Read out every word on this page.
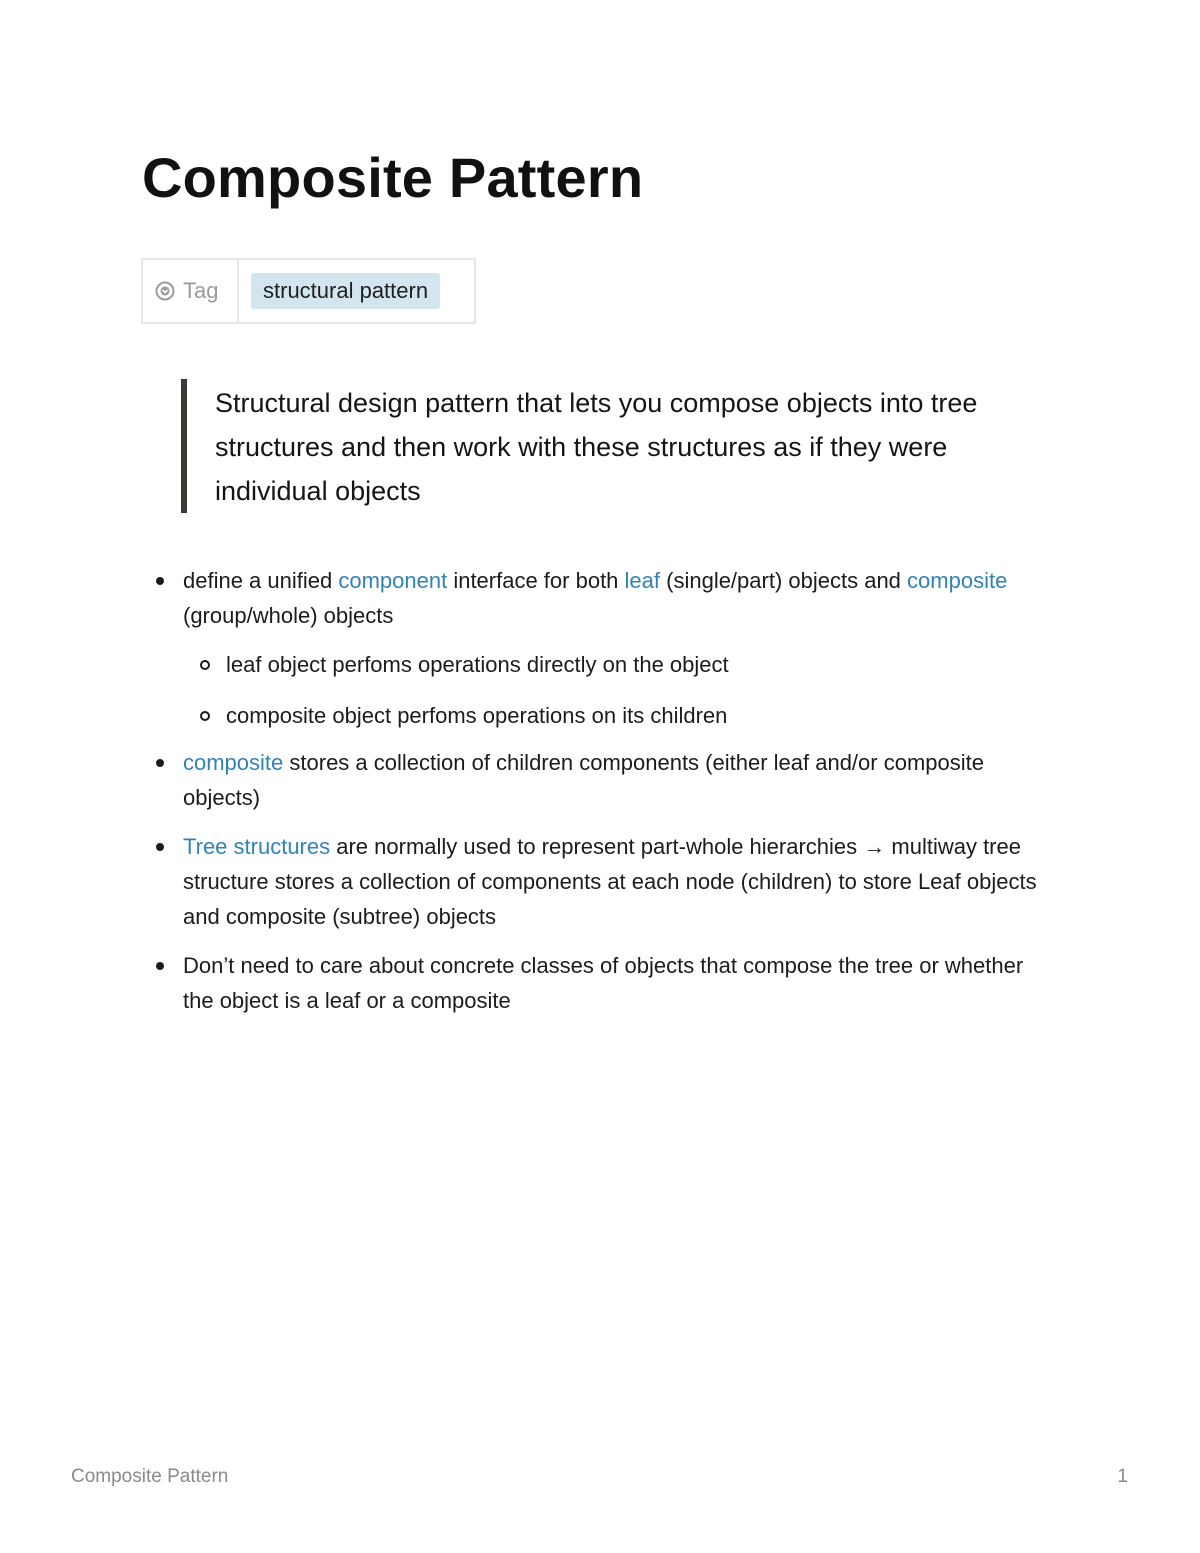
Composite Pattern
Tag	structural pattern

Structural design pattern that lets you compose objects into tree structures and then work with these structures as if they were individual objects

define a unified component interface for both leaf (single/part) objects and composite (group/whole) objects
leaf object perfoms operations directly on the object
composite object perfoms operations on its children
composite stores a collection of children components (either leaf and/or composite objects)
Tree structures are normally used to represent part-whole hierarchies → multiway tree structure stores a collection of components at each node (children) to store Leaf objects and composite (subtree) objects
Don’t need to care about concrete classes of objects that compose the tree or whether the object is a leaf or a composite
Composite Pattern	1
